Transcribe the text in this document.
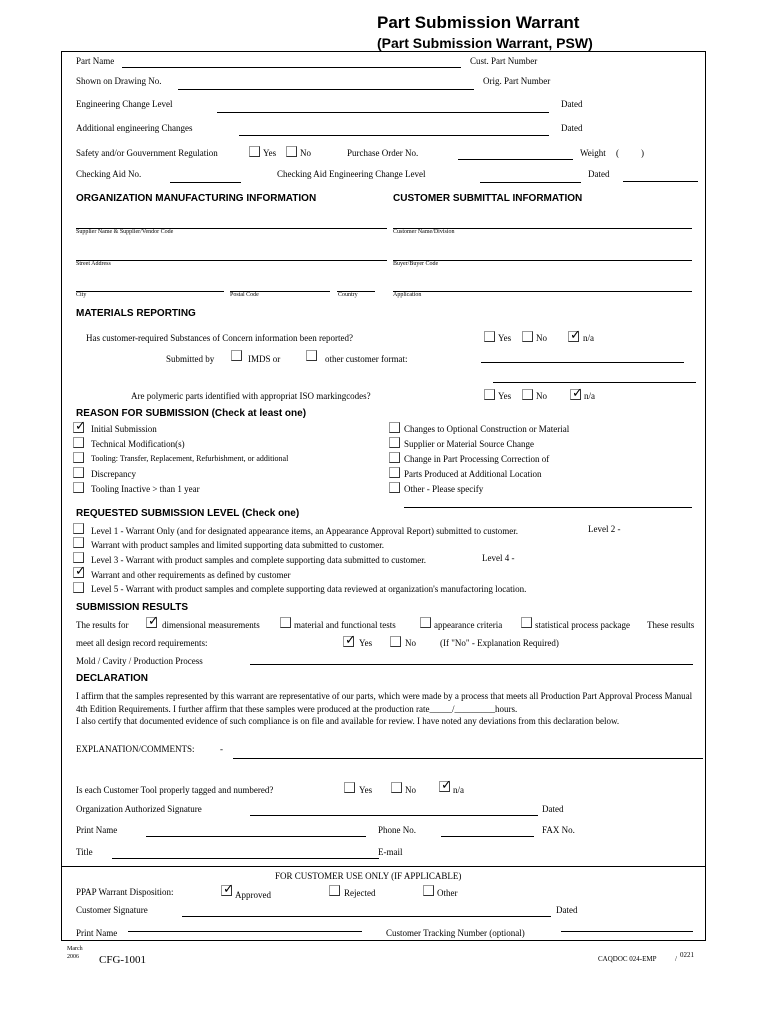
Part Submission Warrant
(Part Submission Warrant, PSW)
Part Name	Cust. Part Number
Shown on Drawing No.	Orig. Part Number
Engineering Change Level	Dated
Additional engineering Changes	Dated
Safety and/or Gouvernment Regulation	Yes	No	Purchase Order No.	Weight ( )
Checking Aid No.	Checking Aid Engineering Change Level	Dated
ORGANIZATION MANUFACTURING INFORMATION	CUSTOMER SUBMITTAL INFORMATION
Supplier Name & Supplier/Vendor Code	Customer Name/Division
Street Address	Buyer/Buyer Code
City	Postal Code	Country	Application
MATERIALS REPORTING
Has customer-required Substances of Concern information been reported?	Yes	No ✓ n/a
Submitted by	IMDS or	other customer format:
Are polymeric parts identified with appropriat ISO markingcodes?	Yes	No ✓ n/a
REASON FOR SUBMISSION (Check at least one)
✓ Initial Submission
Technical Modification(s)
Tooling: Transfer, Replacement, Refurbishment, or additional
Discrepancy
Tooling Inactive > than 1 year
Changes to Optional Construction or Material
Supplier or Material Source Change
Change in Part Processing Correction of
Parts Produced at Additional Location
Other - Please specify
REQUESTED SUBMISSION LEVEL (Check one)
Level 1 - Warrant Only (and for designated appearance items, an Appearance Approval Report) submitted to customer.	Level 2 -
Warrant with product samples and limited supporting data submitted to customer.
Level 3 - Warrant with product samples and complete supporting data submitted to customer.	Level 4 -
✓ Warrant and other requirements as defined by customer
Level 5 - Warrant with product samples and complete supporting data reviewed at organization's manufactoring location.
SUBMISSION RESULTS
The results for ✓ dimensional measurements	material and functional tests	appearance criteria	statistical process package These results
meet all design record requirements:	✓ Yes	No	(If "No" - Explanation Required)
Mold / Cavity / Production Process
DECLARATION
I affirm that the samples represented by this warrant are representative of our parts, which were made by a process that meets all Production Part Approval Process Manual 4th Edition Requirements. I further affirm that these samples were produced at the production rate_____/_________hours.
I also certify that documented evidence of such compliance is on file and available for review. I have noted any deviations from this declaration below.
EXPLANATION/COMMENTS:	-
Is each Customer Tool properly tagged and numbered?	Yes	No ✓ n/a
Organization Authorized Signature	Dated
Print Name	Phone No.	FAX No.
Title	E-mail
FOR CUSTOMER USE ONLY (IF APPLICABLE)
PPAP Warrant Disposition:	✓ Approved	Rejected	Other
Customer Signature	Dated
Print Name	Customer Tracking Number (optional)
March
2006 CFG-1001	CAQDOC 024-EMP	/ 0221
